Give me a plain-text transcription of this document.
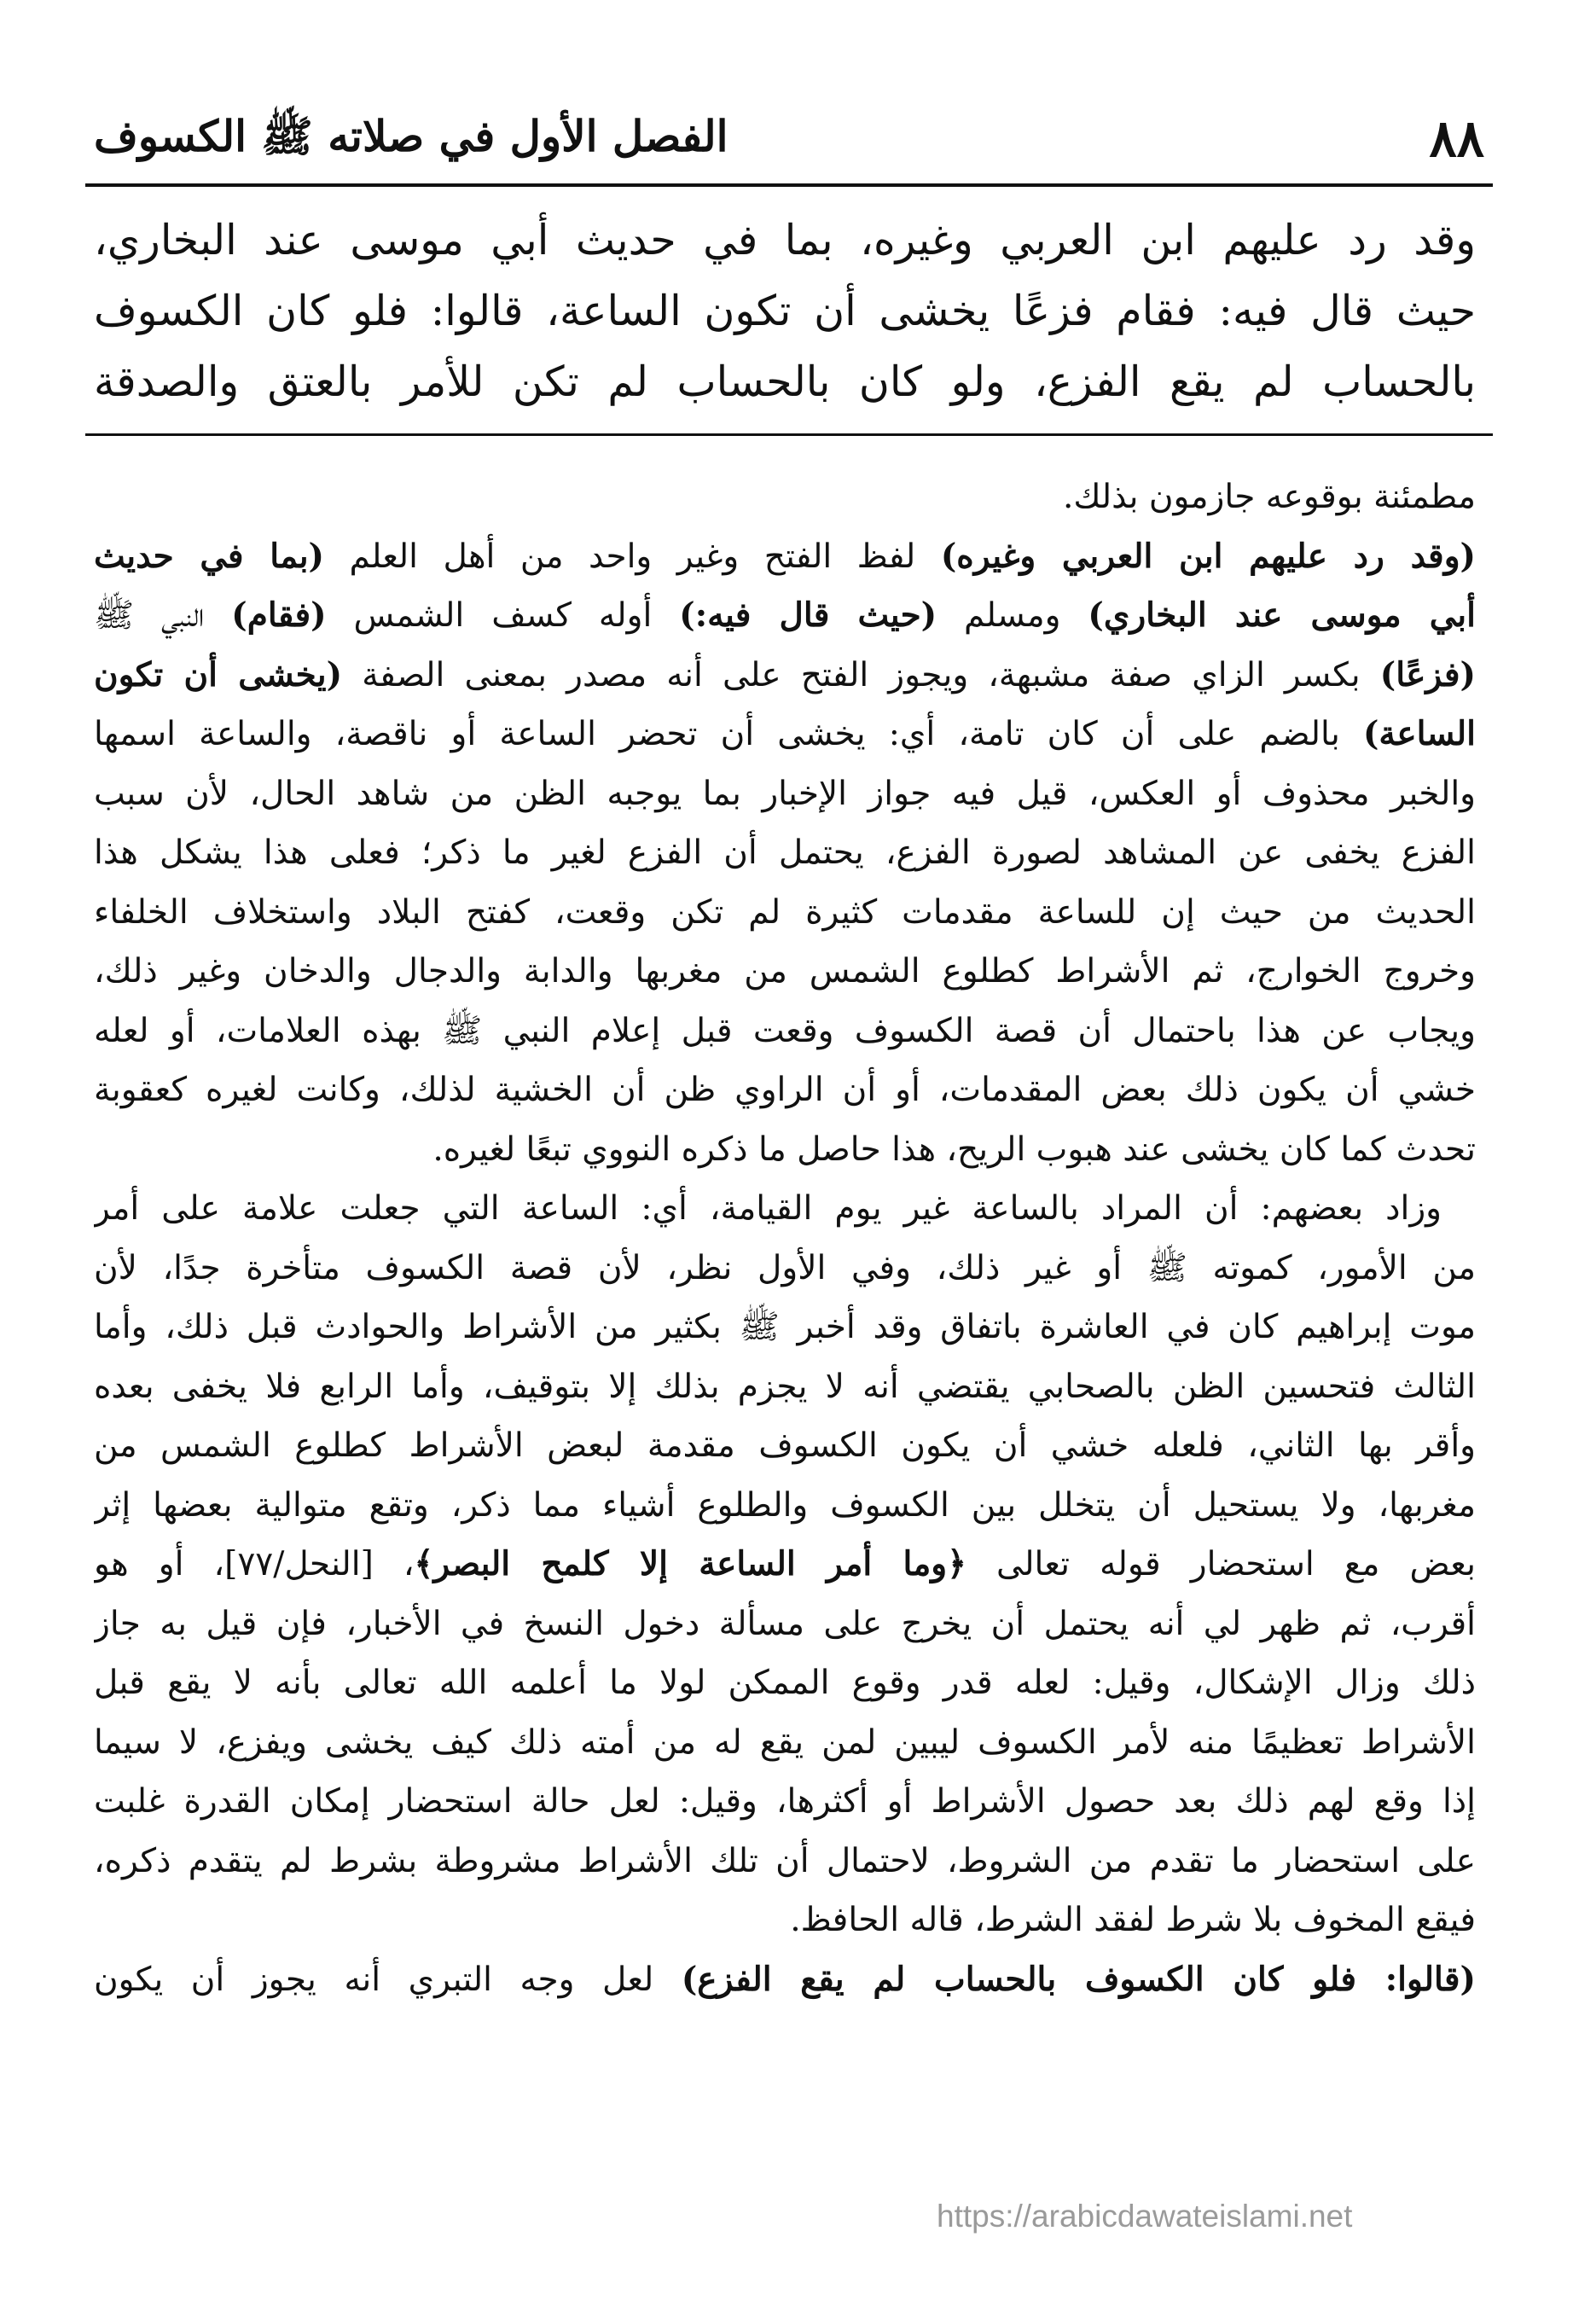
٨٨
الفصل الأول في صلاته ﷺ الكسوف
وقد رد عليهم ابن العربي وغيره، بما في حديث أبي موسى عند البخاري،
حيث قال فيه: فقام فزعًا يخشى أن تكون الساعة، قالوا: فلو كان الكسوف
بالحساب لم يقع الفزع، ولو كان بالحساب لم تكن للأمر بالعتق والصدقة
مطمئنة بوقوعه جازمون بذلك.
(وقد رد عليهم ابن العربي وغيره) لفظ الفتح وغير واحد من أهل العلم (بما في حديث
أبي موسى عند البخاري) ومسلم (حيث قال فيه:) أوله كسف الشمس (فقام) النبي ﷺ
(فزعًا) بكسر الزاي صفة مشبهة، ويجوز الفتح على أنه مصدر بمعنى الصفة (يخشى أن تكون
الساعة) بالضم على أن كان تامة، أي: يخشى أن تحضر الساعة أو ناقصة، والساعة اسمها
والخبر محذوف أو العكس، قيل فيه جواز الإخبار بما يوجبه الظن من شاهد الحال، لأن سبب
الفزع يخفى عن المشاهد لصورة الفزع، يحتمل أن الفزع لغير ما ذكر؛ فعلى هذا يشكل هذا
الحديث من حيث إن للساعة مقدمات كثيرة لم تكن وقعت، كفتح البلاد واستخلاف الخلفاء
وخروج الخوارج، ثم الأشراط كطلوع الشمس من مغربها والدابة والدجال والدخان وغير ذلك،
ويجاب عن هذا باحتمال أن قصة الكسوف وقعت قبل إعلام النبي ﷺ بهذه العلامات، أو لعله
خشي أن يكون ذلك بعض المقدمات، أو أن الراوي ظن أن الخشية لذلك، وكانت لغيره كعقوبة
تحدث كما كان يخشى عند هبوب الريح، هذا حاصل ما ذكره النووي تبعًا لغيره.
وزاد بعضهم: أن المراد بالساعة غير يوم القيامة، أي: الساعة التي جعلت علامة على أمر
من الأمور، كموته ﷺ أو غير ذلك، وفي الأول نظر، لأن قصة الكسوف متأخرة جدًا، لأن
موت إبراهيم كان في العاشرة باتفاق وقد أخبر ﷺ بكثير من الأشراط والحوادث قبل ذلك، وأما
الثالث فتحسين الظن بالصحابي يقتضي أنه لا يجزم بذلك إلا بتوقيف، وأما الرابع فلا يخفى بعده
وأقر بها الثاني، فلعله خشي أن يكون الكسوف مقدمة لبعض الأشراط كطلوع الشمس من
مغربها، ولا يستحيل أن يتخلل بين الكسوف والطلوع أشياء مما ذكر، وتقع متوالية بعضها إثر
بعض مع استحضار قوله تعالى ﴿وما أمر الساعة إلا كلمح البصر﴾، [النحل/٧٧]، أو هو
أقرب، ثم ظهر لي أنه يحتمل أن يخرج على مسألة دخول النسخ في الأخبار، فإن قيل به جاز
ذلك وزال الإشكال، وقيل: لعله قدر وقوع الممكن لولا ما أعلمه الله تعالى بأنه لا يقع قبل
الأشراط تعظيمًا منه لأمر الكسوف ليبين لمن يقع له من أمته ذلك كيف يخشى ويفزع، لا سيما
إذا وقع لهم ذلك بعد حصول الأشراط أو أكثرها، وقيل: لعل حالة استحضار إمكان القدرة غلبت
على استحضار ما تقدم من الشروط، لاحتمال أن تلك الأشراط مشروطة بشرط لم يتقدم ذكره،
فيقع المخوف بلا شرط لفقد الشرط، قاله الحافظ.
(قالوا: فلو كان الكسوف بالحساب لم يقع الفزع) لعل وجه التبري أنه يجوز أن يكون
https://arabicdawateislami.net
